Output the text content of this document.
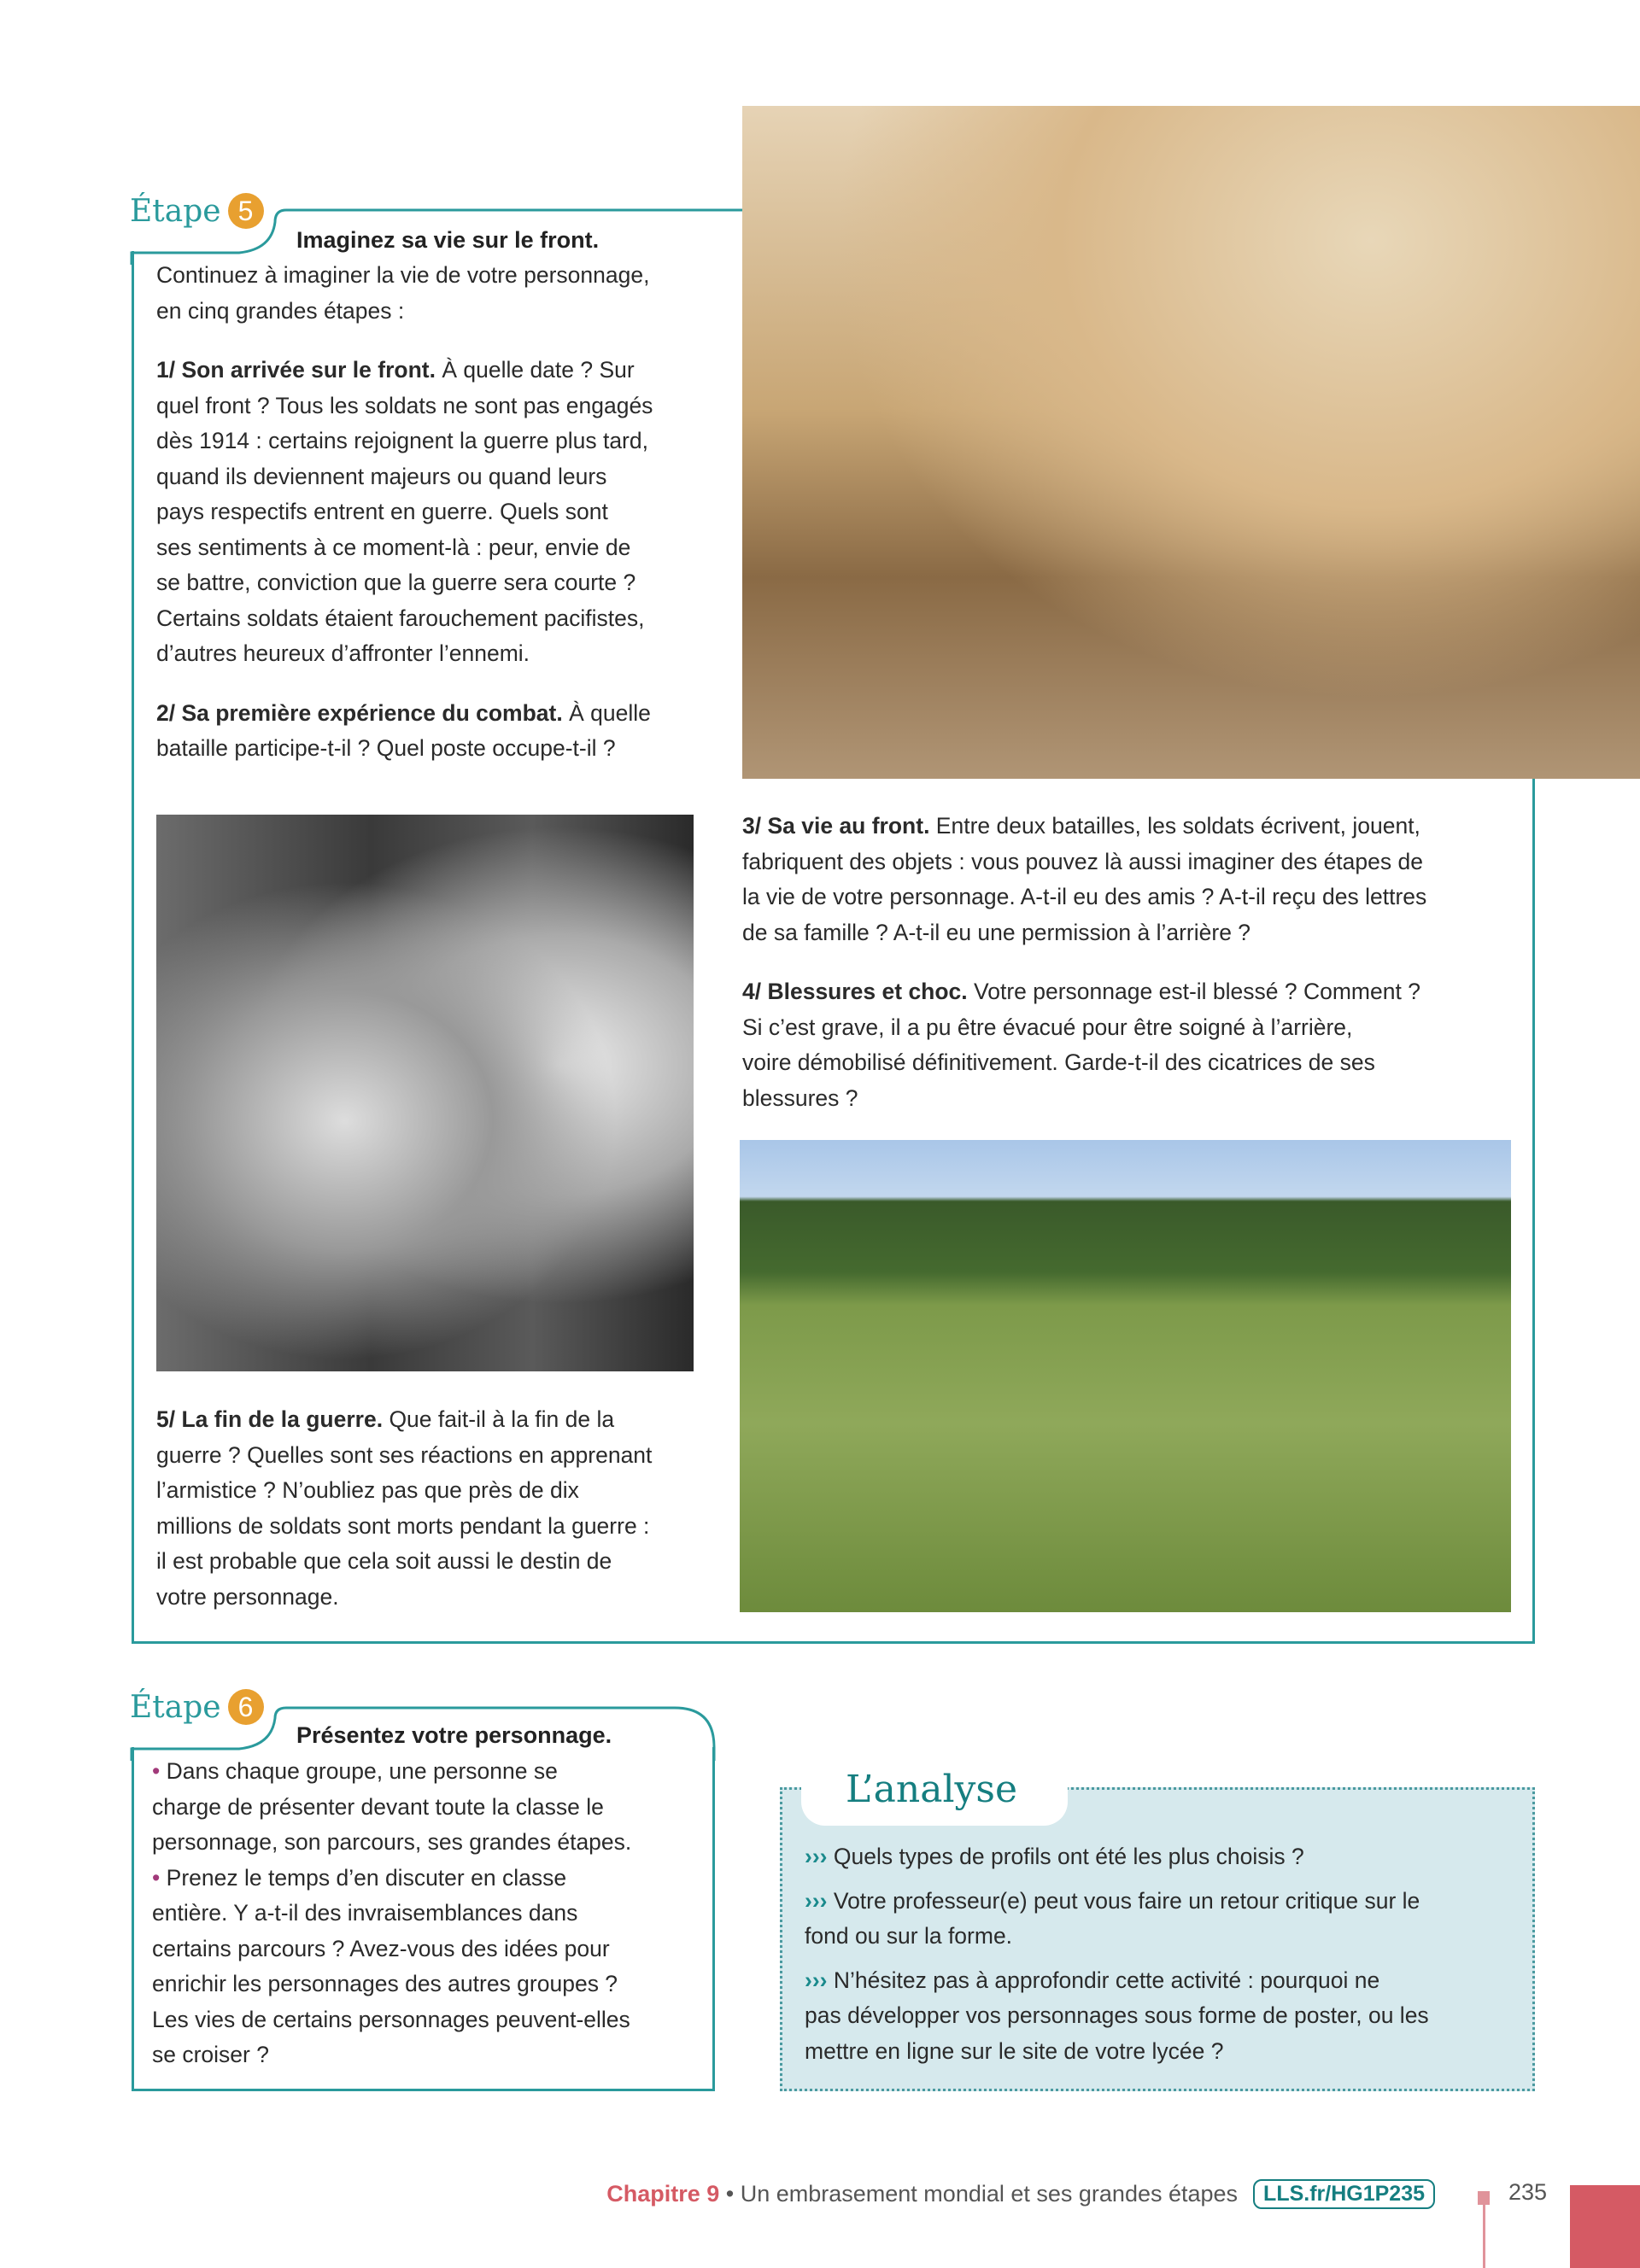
Étape 5
Imaginez sa vie sur le front.
Continuez à imaginer la vie de votre personnage,
en cinq grandes étapes :
1/ Son arrivée sur le front. À quelle date ? Sur
quel front ? Tous les soldats ne sont pas engagés
dès 1914 : certains rejoignent la guerre plus tard,
quand ils deviennent majeurs ou quand leurs
pays respectifs entrent en guerre. Quels sont
ses sentiments à ce moment-là : peur, envie de
se battre, conviction que la guerre sera courte ?
Certains soldats étaient farouchement pacifistes,
d’autres heureux d’affronter l’ennemi.
2/ Sa première expérience du combat. À quelle
bataille participe-t-il ? Quel poste occupe-t-il ?
3/ Sa vie au front. Entre deux batailles, les soldats écrivent, jouent,
fabriquent des objets : vous pouvez là aussi imaginer des étapes de
la vie de votre personnage. A-t-il eu des amis ? A-t-il reçu des lettres
de sa famille ? A-t-il eu une permission à l’arrière ?
4/ Blessures et choc. Votre personnage est-il blessé ? Comment ?
Si c’est grave, il a pu être évacué pour être soigné à l’arrière,
voire démobilisé définitivement. Garde-t-il des cicatrices de ses
blessures ?
5/ La fin de la guerre. Que fait-il à la fin de la
guerre ? Quelles sont ses réactions en apprenant
l’armistice ? N’oubliez pas que près de dix
millions de soldats sont morts pendant la guerre :
il est probable que cela soit aussi le destin de
votre personnage.
Étape 6
Présentez votre personnage.
• Dans chaque groupe, une personne se
charge de présenter devant toute la classe le
personnage, son parcours, ses grandes étapes.
• Prenez le temps d’en discuter en classe
entière. Y a-t-il des invraisemblances dans
certains parcours ? Avez-vous des idées pour
enrichir les personnages des autres groupes ?
Les vies de certains personnages peuvent-elles
se croiser ?
L’analyse
››› Quels types de profils ont été les plus choisis ?
››› Votre professeur(e) peut vous faire un retour critique sur le
fond ou sur la forme.
››› N’hésitez pas à approfondir cette activité : pourquoi ne
pas développer vos personnages sous forme de poster, ou les
mettre en ligne sur le site de votre lycée ?
Chapitre 9 • Un embrasement mondial et ses grandes étapes	LLS.fr/HG1P235	235
